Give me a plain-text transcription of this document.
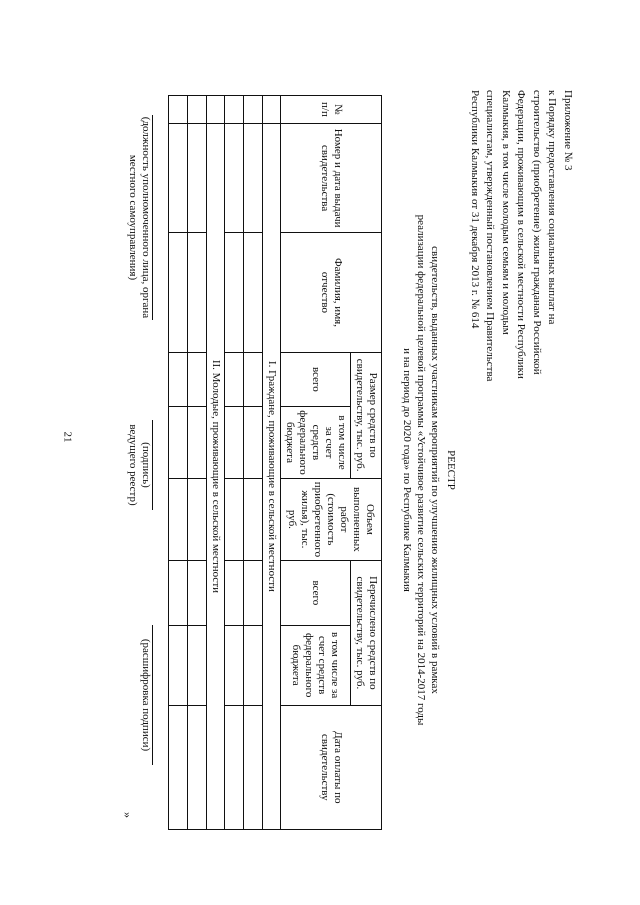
21
Приложение № 3
к Порядку предоставления социальных выплат на
строительство (приобретение) жилья гражданам Российской
Федерации, проживающим в сельской местности Республики
Калмыкия, в том числе молодым семьям и молодым
специалистам, утвержденный постановлением Правительства
Республики Калмыкия от 31 декабря 2013 г. № 614
РЕЕСТР
свидетельств, выданных участникам мероприятий по улучшению жилищных условий в рамках
реализации федеральной целевой программы «Устойчивое развитие сельских территорий на 2014-2017 годы
и на период до 2020 года» по Республике Калмыкия
№ п/п	Номер и дата выдачи свидетельства	Фамилия, имя, отчество	Размер средств по свидетельству, тыс. руб.		Объем выполненных работ (стоимость приобретенного жилья), тыс. руб.	Перечислено средств по свидетельству, тыс. руб.		Дата оплаты по свидетельству
			всего	в том числе за счет средств федерального бюджета		всего	в том числе за счет средств федерального бюджета	
	I. Граждане, проживающие в сельской местности							

	II. Молодые, проживающие в сельской местности							

(должность уполномоченного лица, органа местного самоуправления)
(подпись) ведущего реестр)
(расшифровка подписи)
»
